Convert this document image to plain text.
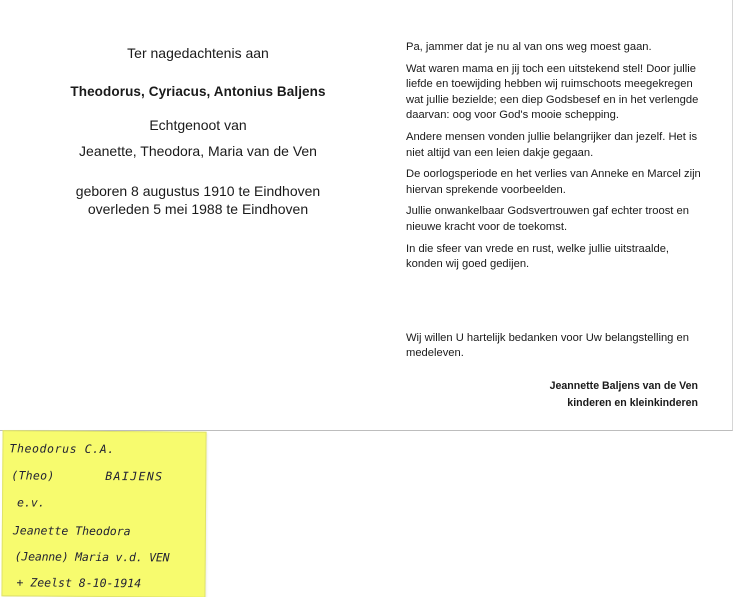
Ter nagedachtenis aan
Theodorus, Cyriacus, Antonius Baljens
Echtgenoot van
Jeanette, Theodora, Maria van de Ven
geboren 8 augustus 1910 te Eindhoven
overleden 5 mei 1988 te Eindhoven

Pa, jammer dat je nu al van ons weg moest gaan.

Wat waren mama en jij toch een uitstekend stel! Door jullie liefde en toewijding hebben wij ruimschoots meegekregen wat jullie bezielde; een diep Godsbesef en in het verlengde daarvan: oog voor God's mooie schepping.

Andere mensen vonden jullie belangrijker dan jezelf. Het is niet altijd van een leien dakje gegaan.

De oorlogsperiode en het verlies van Anneke en Marcel zijn hiervan sprekende voorbeelden.

Jullie onwankelbaar Godsvertrouwen gaf echter troost en nieuwe kracht voor de toekomst.

In die sfeer van vrede en rust, welke jullie uitstraalde, konden wij goed gedijen.

Wij willen U hartelijk bedanken voor Uw belangstelling en medeleven.

Jeannette Baljens van de Ven
kinderen en kleinkinderen
Theodorus C.A.
(Theo)	BAIJENS
e.v.
Jeanette Theodora
(Jeanne) Maria v.d. VEN
+ Zeelst 8-10-1914
